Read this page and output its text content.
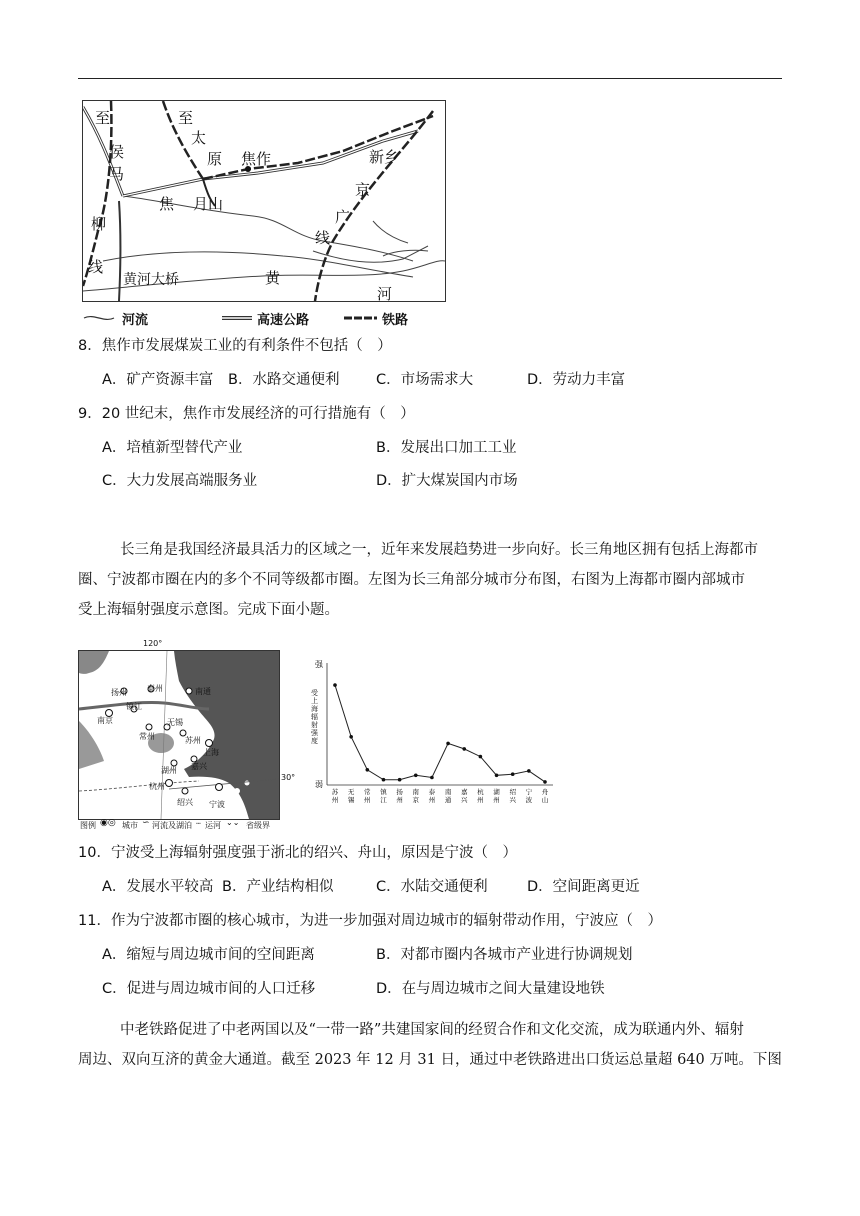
至
侯
马
柳
线
至
太
原 焦作	新乡
京
广
线
焦 月山
黄河大桥	黄
河
河流	高速公路	铁路
8．焦作市发展煤炭工业的有利条件不包括（　）
A．矿产资源丰富 B．水路交通便利	C．市场需求大	D．劳动力丰富
9．20 世纪末，焦作市发展经济的可行措施有（　）
A．培植新型替代产业	B．发展出口加工工业
C．大力发展高端服务业	D．扩大煤炭国内市场
长三角是我国经济最具活力的区域之一，近年来发展趋势进一步向好。长三角地区拥有包括上海都市
圈、宁波都市圈在内的多个不同等级都市圈。左图为长三角部分城市分布图，右图为上海都市圈内部城市
受上海辐射强度示意图。完成下面小题。
120°
30°
扬州	泰州	南通
镇江
南京
常州
无锡
苏州
上海
嘉兴
湖州
杭州
绍兴 宁波
图例 ◉◎ 城市 ∽ 河流及湖泊 ┄ 运河 ⌄⌄ 省级界
苏
州
无
锡
常
州
镇
江
扬
州
南
京
泰
州
南
通
嘉
兴
杭
州
湖
州
绍
兴
宁
波
舟
山
强
弱
受上海辐射强度
10．宁波受上海辐射强度强于浙北的绍兴、舟山，原因是宁波（　）
A．发展水平较高 B．产业结构相似	C．水陆交通便利	D．空间距离更近
11．作为宁波都市圈的核心城市，为进一步加强对周边城市的辐射带动作用，宁波应（　）
A．缩短与周边城市间的空间距离	B．对都市圈内各城市产业进行协调规划
C．促进与周边城市间的人口迁移	D．在与周边城市之间大量建设地铁
中老铁路促进了中老两国以及“一带一路”共建国家间的经贸合作和文化交流，成为联通内外、辐射
周边、双向互济的黄金大通道。截至 2023 年 12 月 31 日，通过中老铁路进出口货运总量超 640 万吨。下图
